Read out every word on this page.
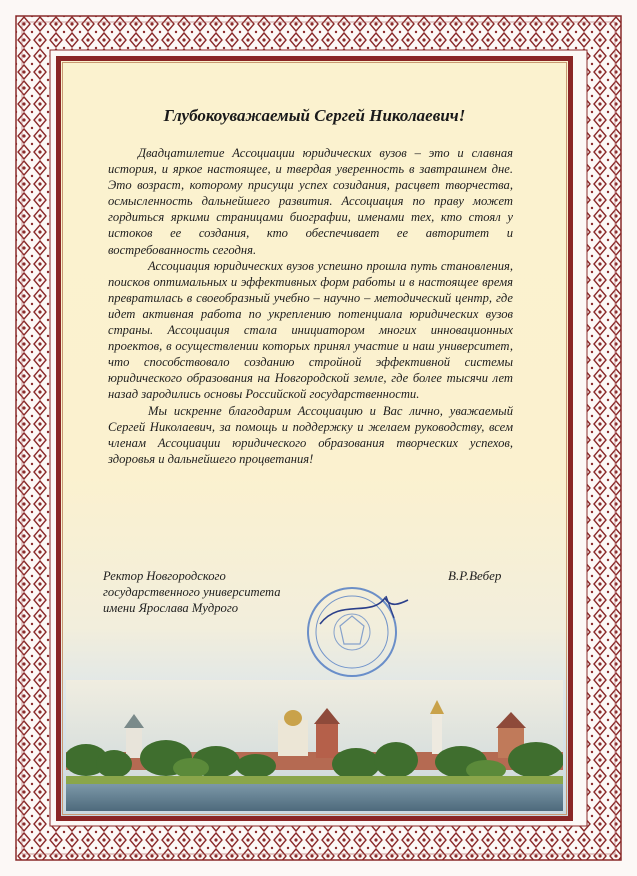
Глубокоуважаемый Сергей Николаевич!

Двадцатилетие Ассоциации юридических вузов – это и славная история, и яркое настоящее, и твердая уверенность в завтрашнем дне. Это возраст, которому присущи успех созидания, расцвет творчества, осмысленность дальнейшего развития. Ассоциация по праву может гордиться яркими страницами биографии, именами тех, кто стоял у истоков ее создания, кто обеспечивает ее авторитет и востребованность сегодня.

Ассоциация юридических вузов успешно прошла путь становления, поисков оптимальных и эффективных форм работы и в настоящее время превратилась в своеобразный учебно – научно – методический центр, где идет активная работа по укреплению потенциала юридических вузов страны. Ассоциация стала инициатором многих инновационных проектов, в осуществлении которых принял участие и наш университет, что способствовало созданию стройной эффективной системы юридического образования на Новгородской земле, где более тысячи лет назад зародились основы Российской государственности.

Мы искренне благодарим Ассоциацию и Вас лично, уважаемый Сергей Николаевич, за помощь и поддержку и желаем руководству, всем членам Ассоциации юридического образования творческих успехов, здоровья и дальнейшего процветания!

Ректор Новгородского
государственного университета
имени Ярослава Мудрого
В.Р.Вебер
